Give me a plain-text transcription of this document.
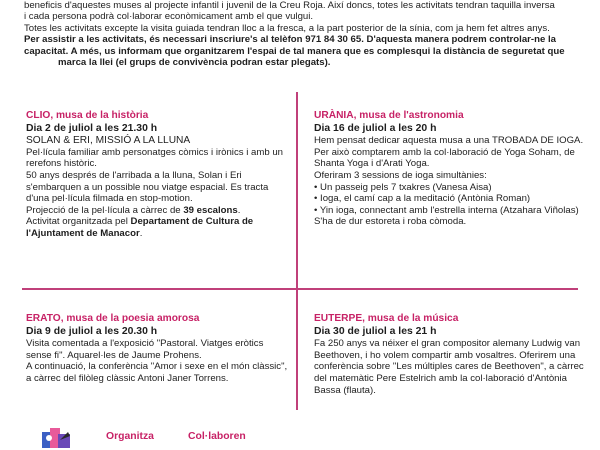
beneficis d'aquestes muses al projecte infantil i juvenil de la Creu Roja. Així doncs, totes les activitats tendran taquilla inversa

i cada persona podrà col·laborar econòmicament amb el que vulgui.

Totes les activitats excepte la visita guiada tendran lloc a la fresca, a la part posterior de la sínia, com ja hem fet altres anys.

Per assistir a les activitats, és necessari inscriure's al telèfon 971 84 30 65. D'aquesta manera podrem controlar-ne la

capacitat. A més, us informam que organitzarem l'espai de tal manera que es complesqui la distància de seguretat que

marca la llei (el grups de convivència podran estar plegats).

CLIO, musa de la història

Dia 2 de juliol a les 21.30 h

SOLAN & ERI, MISSIÓ A LA LLUNA

Pel·lícula familiar amb personatges còmics i irònics i amb un rerefons històric.

50 anys després de l'arribada a la lluna, Solan i Eri s'embarquen a un possible nou viatge espacial. Es tracta d'una pel·lícula filmada en stop-motion.

Projecció de la pel·lícula a càrrec de 39 escalons.

Activitat organitzada pel Departament de Cultura de l'Ajuntament de Manacor.

URÀNIA, musa de l'astronomia

Dia 16 de juliol a les 20 h

Hem pensat dedicar aquesta musa a una TROBADA DE IOGA. Per això comptarem amb la col·laboració de Yoga Soham, de Shanta Yoga i d'Arati Yoga.

Oferiram 3 sessions de ioga simultànies:

• Un passeig pels 7 txakres (Vanesa Aisa)

• Ioga, el camí cap a la meditació (Antònia Roman)

• Yin ioga, connectant amb l'estrella interna (Atzahara Viñolas)

S'ha de dur estoreta i roba còmoda.

ERATO, musa de la poesia amorosa

Dia 9 de juliol a les 20.30 h

Visita comentada a l'exposició "Pastoral. Viatges eròtics sense fi". Aquarel·les de Jaume Prohens.

A continuació, la conferència "Amor i sexe en el món clàssic", a càrrec del filòleg clàssic Antoni Janer Torrens.

EUTERPE, musa de la música

Dia 30 de juliol a les 21 h

Fa 250 anys va néixer el gran compositor alemany Ludwig van Beethoven, i ho volem compartir amb vosaltres. Oferirem una conferència sobre "Les múltiples cares de Beethoven", a càrrec del matemàtic Pere Estelrich amb la col·laboració d'Antònia Bassa (flauta).

Organitza	Col·laboren
